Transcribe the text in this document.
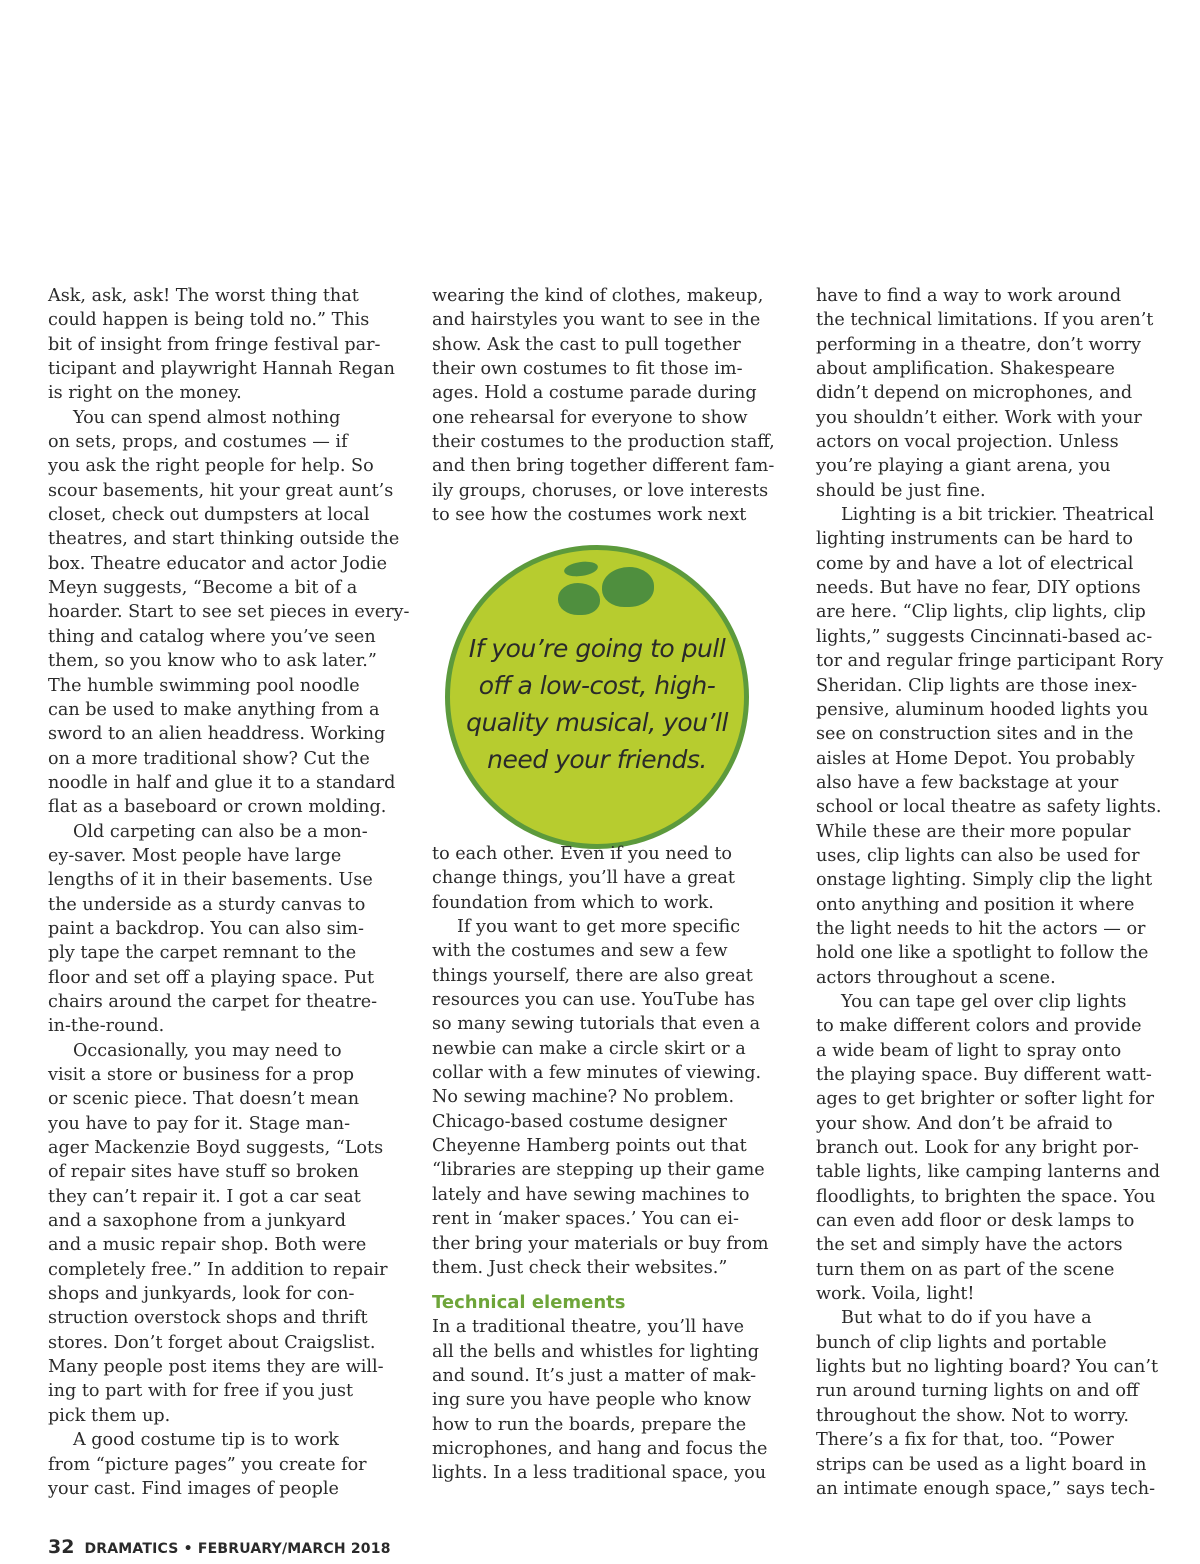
Ask, ask, ask! The worst thing that
could happen is being told no.” This
bit of insight from fringe festival par-
ticipant and playwright Hannah Regan
is right on the money.

You can spend almost nothing
on sets, props, and costumes — if
you ask the right people for help. So
scour basements, hit your great aunt’s
closet, check out dumpsters at local
theatres, and start thinking outside the
box. Theatre educator and actor Jodie
Meyn suggests, “Become a bit of a
hoarder. Start to see set pieces in every-
thing and catalog where you’ve seen
them, so you know who to ask later.”
The humble swimming pool noodle
can be used to make anything from a
sword to an alien headdress. Working
on a more traditional show? Cut the
noodle in half and glue it to a standard
flat as a baseboard or crown molding.

Old carpeting can also be a mon-
ey-saver. Most people have large
lengths of it in their basements. Use
the underside as a sturdy canvas to
paint a backdrop. You can also sim-
ply tape the carpet remnant to the
floor and set off a playing space. Put
chairs around the carpet for theatre-
in-the-round.

Occasionally, you may need to
visit a store or business for a prop
or scenic piece. That doesn’t mean
you have to pay for it. Stage man-
ager Mackenzie Boyd suggests, “Lots
of repair sites have stuff so broken
they can’t repair it. I got a car seat
and a saxophone from a junkyard
and a music repair shop. Both were
completely free.” In addition to repair
shops and junkyards, look for con-
struction overstock shops and thrift
stores. Don’t forget about Craigslist.
Many people post items they are will-
ing to part with for free if you just
pick them up.

A good costume tip is to work
from “picture pages” you create for
your cast. Find images of people

wearing the kind of clothes, makeup,
and hairstyles you want to see in the
show. Ask the cast to pull together
their own costumes to fit those im-
ages. Hold a costume parade during
one rehearsal for everyone to show
their costumes to the production staff,
and then bring together different fam-
ily groups, choruses, or love interests
to see how the costumes work next

If you’re going to pull
off a low-cost, high-
quality musical, you’ll
need your friends.

to each other. Even if you need to
change things, you’ll have a great
foundation from which to work.

If you want to get more specific
with the costumes and sew a few
things yourself, there are also great
resources you can use. YouTube has
so many sewing tutorials that even a
newbie can make a circle skirt or a
collar with a few minutes of viewing.
No sewing machine? No problem.
Chicago-based costume designer
Cheyenne Hamberg points out that
“libraries are stepping up their game
lately and have sewing machines to
rent in ‘maker spaces.’ You can ei-
ther bring your materials or buy from
them. Just check their websites.”

Technical elements

In a traditional theatre, you’ll have
all the bells and whistles for lighting
and sound. It’s just a matter of mak-
ing sure you have people who know
how to run the boards, prepare the
microphones, and hang and focus the
lights. In a less traditional space, you

have to find a way to work around
the technical limitations. If you aren’t
performing in a theatre, don’t worry
about amplification. Shakespeare
didn’t depend on microphones, and
you shouldn’t either. Work with your
actors on vocal projection. Unless
you’re playing a giant arena, you
should be just fine.

Lighting is a bit trickier. Theatrical
lighting instruments can be hard to
come by and have a lot of electrical
needs. But have no fear, DIY options
are here. “Clip lights, clip lights, clip
lights,” suggests Cincinnati-based ac-
tor and regular fringe participant Rory
Sheridan. Clip lights are those inex-
pensive, aluminum hooded lights you
see on construction sites and in the
aisles at Home Depot. You probably
also have a few backstage at your
school or local theatre as safety lights.
While these are their more popular
uses, clip lights can also be used for
onstage lighting. Simply clip the light
onto anything and position it where
the light needs to hit the actors — or
hold one like a spotlight to follow the
actors throughout a scene.

You can tape gel over clip lights
to make different colors and provide
a wide beam of light to spray onto
the playing space. Buy different watt-
ages to get brighter or softer light for
your show. And don’t be afraid to
branch out. Look for any bright por-
table lights, like camping lanterns and
floodlights, to brighten the space. You
can even add floor or desk lamps to
the set and simply have the actors
turn them on as part of the scene
work. Voila, light!

But what to do if you have a
bunch of clip lights and portable
lights but no lighting board? You can’t
run around turning lights on and off
throughout the show. Not to worry.
There’s a fix for that, too. “Power
strips can be used as a light board in
an intimate enough space,” says tech-

32 DRAMATICS • FEBRUARY/MARCH 2018
